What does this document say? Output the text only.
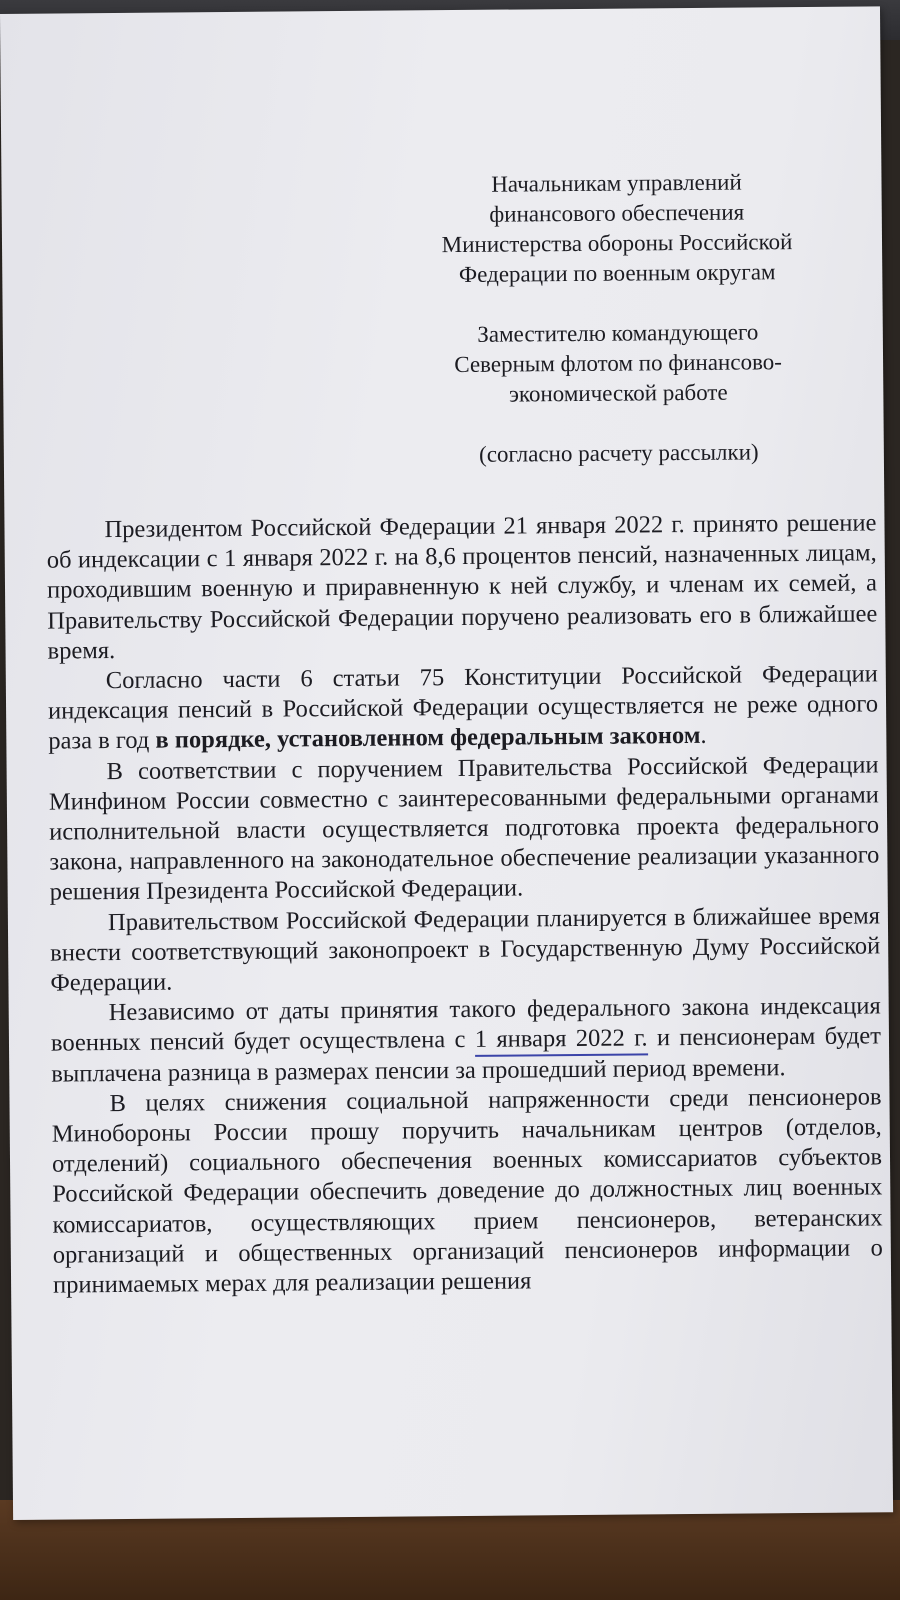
Начальникам управлений
финансового обеспечения
Министерства обороны Российской
Федерации по военным округам
Заместителю командующего
Северным флотом по финансово-
экономической работе
(согласно расчету рассылки)

Президентом Российской Федерации 21 января 2022 г. принято решение об индексации с 1 января 2022 г. на 8,6 процентов пенсий, назначенных лицам, проходившим военную и приравненную к ней службу, и членам их семей, а Правительству Российской Федерации поручено реализовать его в ближайшее время.

Согласно части 6 статьи 75 Конституции Российской Федерации индексация пенсий в Российской Федерации осуществляется не реже одного раза в год в порядке, установленном федеральным законом.

В соответствии с поручением Правительства Российской Федерации Минфином России совместно с заинтересованными федеральными органами исполнительной власти осуществляется подготовка проекта федерального закона, направленного на законодательное обеспечение реализации указанного решения Президента Российской Федерации.

Правительством Российской Федерации планируется в ближайшее время внести соответствующий законопроект в Государственную Думу Российской Федерации.

Независимо от даты принятия такого федерального закона индексация военных пенсий будет осуществлена с 1 января 2022 г. и пенсионерам будет выплачена разница в размерах пенсии за прошедший период времени.

В целях снижения социальной напряженности среди пенсионеров Минобороны России прошу поручить начальникам центров (отделов, отделений) социального обеспечения военных комиссариатов субъектов Российской Федерации обеспечить доведение до должностных лиц военных комиссариатов, осуществляющих прием пенсионеров, ветеранских организаций и общественных организаций пенсионеров информации о принимаемых мерах для реализации решения
